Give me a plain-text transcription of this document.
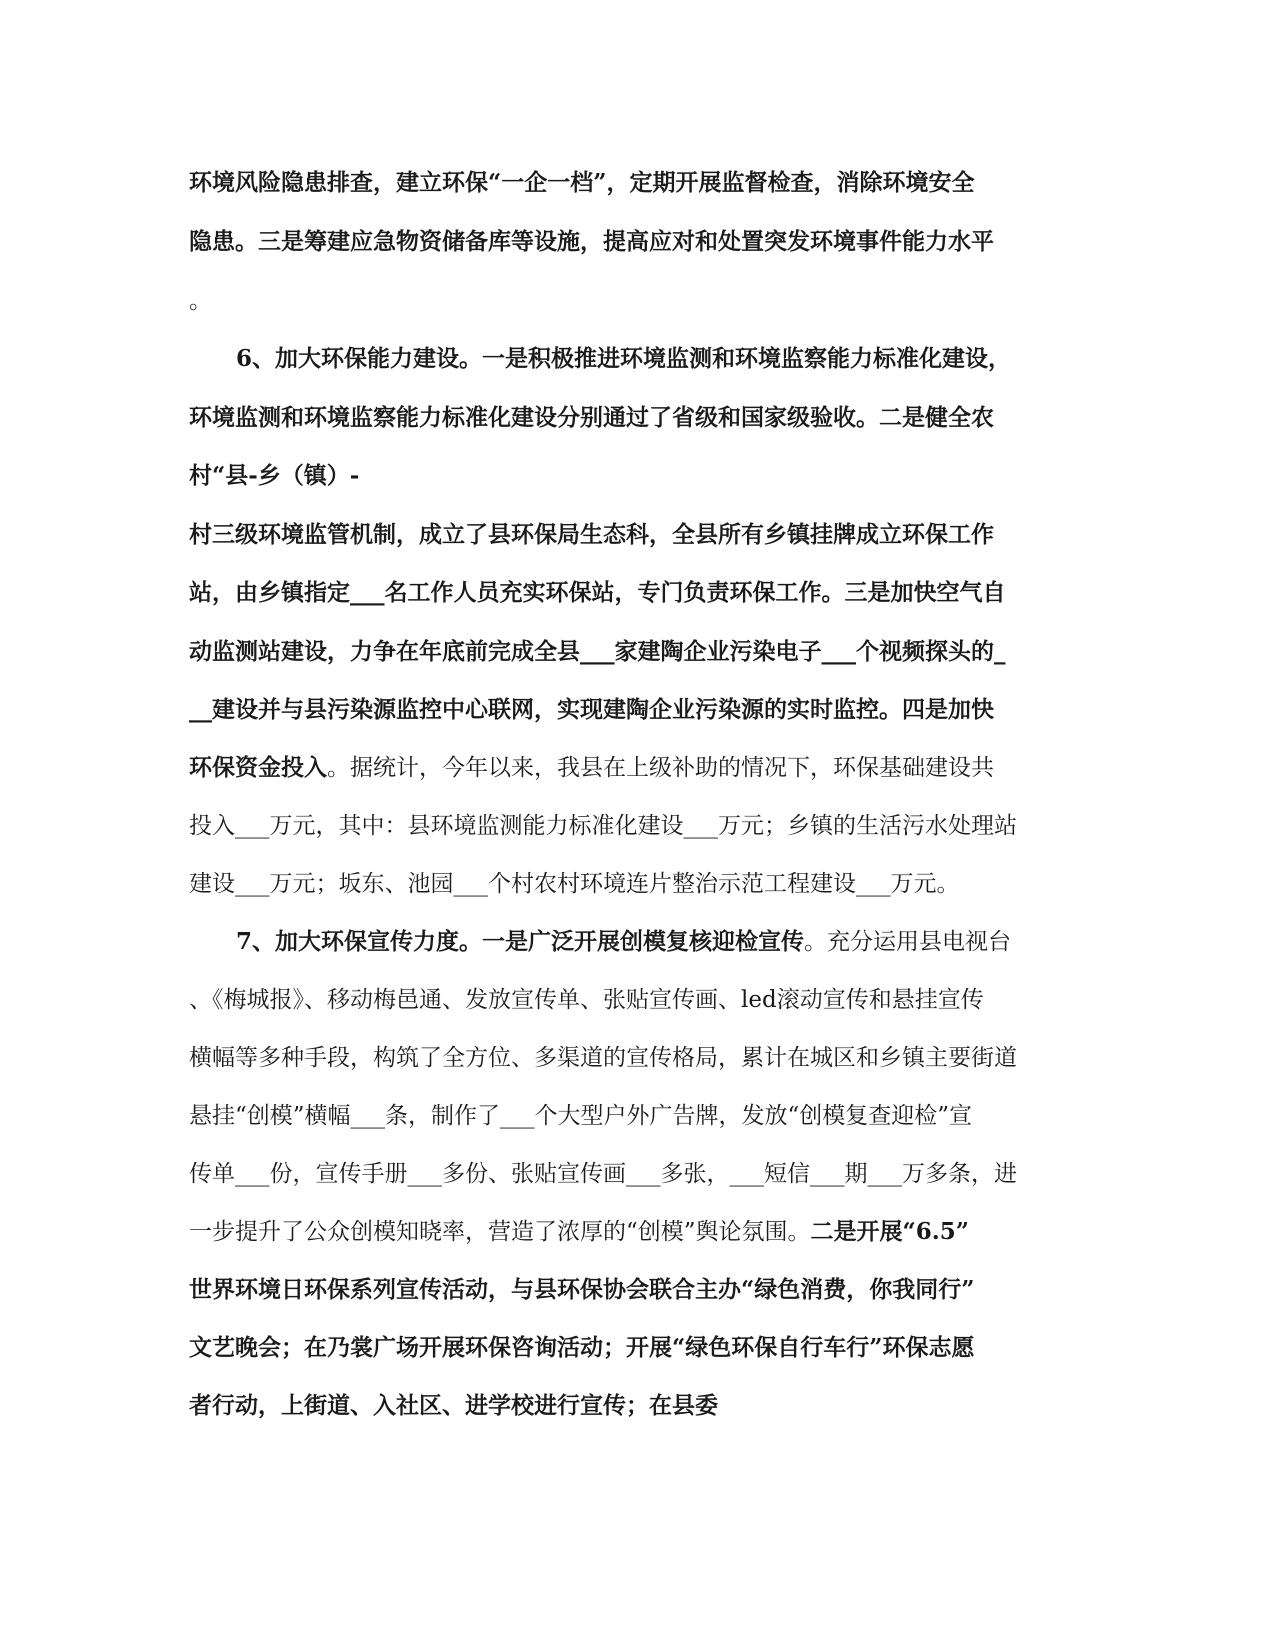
环境风险隐患排查，建立环保“一企一档”，定期开展监督检查，消除环境安全
隐患。三是筹建应急物资储备库等设施，提高应对和处置突发环境事件能力水平
。
6、加大环保能力建设。一是积极推进环境监测和环境监察能力标准化建设，
环境监测和环境监察能力标准化建设分别通过了省级和国家级验收。二是健全农
村“县-乡（镇）-
村三级环境监管机制，成立了县环保局生态科，全县所有乡镇挂牌成立环保工作
站，由乡镇指定___名工作人员充实环保站，专门负责环保工作。三是加快空气自
动监测站建设，力争在年底前完成全县___家建陶企业污染电子___个视频探头的_
__建设并与县污染源监控中心联网，实现建陶企业污染源的实时监控。四是加快
环保资金投入。据统计，今年以来，我县在上级补助的情况下，环保基础建设共
投入___万元，其中：县环境监测能力标准化建设___万元；乡镇的生活污水处理站
建设___万元；坂东、池园___个村农村环境连片整治示范工程建设___万元。
7、加大环保宣传力度。一是广泛开展创模复核迎检宣传。充分运用县电视台
、《梅城报》、移动梅邑通、发放宣传单、张贴宣传画、led滚动宣传和悬挂宣传
横幅等多种手段，构筑了全方位、多渠道的宣传格局，累计在城区和乡镇主要街道
悬挂“创模”横幅___条，制作了___个大型户外广告牌，发放“创模复查迎检”宣
传单___份，宣传手册___多份、张贴宣传画___多张，___短信___期___万多条，进
一步提升了公众创模知晓率，营造了浓厚的“创模”舆论氛围。二是开展“6.5”
世界环境日环保系列宣传活动，与县环保协会联合主办“绿色消费，你我同行”
文艺晚会；在乃裳广场开展环保咨询活动；开展“绿色环保自行车行”环保志愿
者行动，上街道、入社区、进学校进行宣传；在县委
